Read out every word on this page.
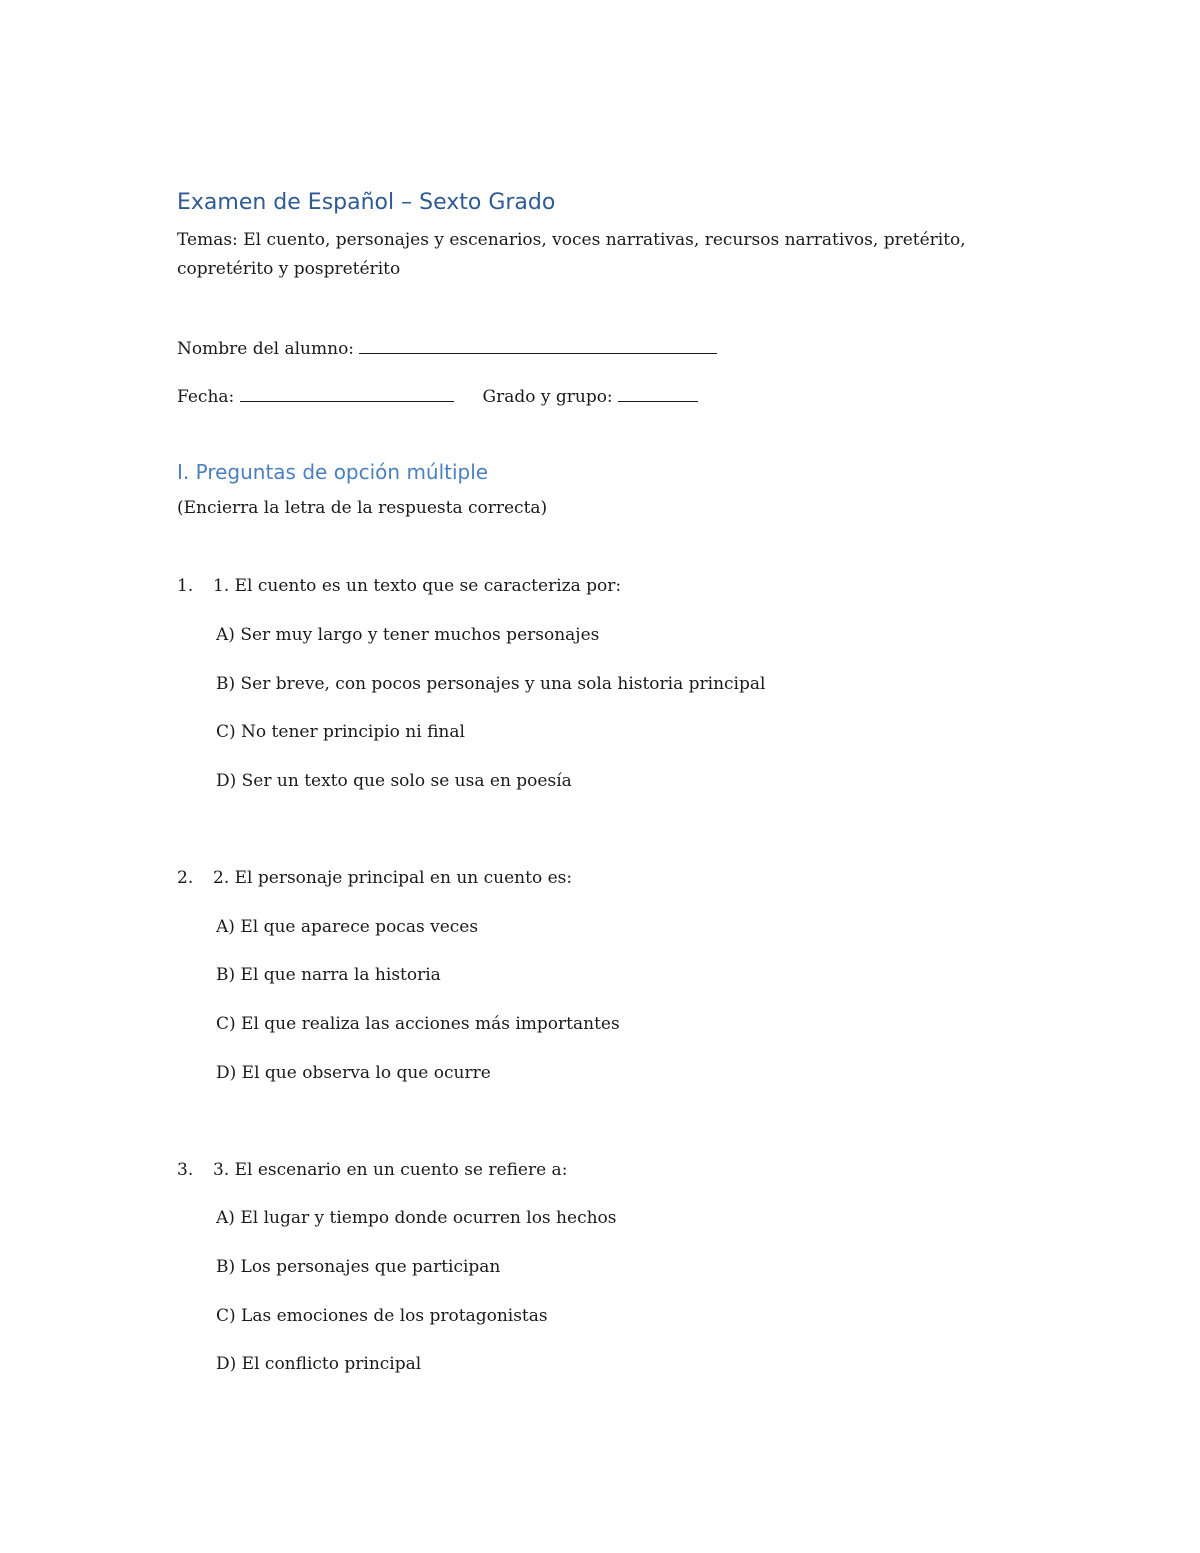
Examen de Español – Sexto Grado

Temas: El cuento, personajes y escenarios, voces narrativas, recursos narrativos, pretérito, copretérito y pospretérito

Nombre del alumno:

Fecha:	Grado y grupo:

I. Preguntas de opción múltiple

(Encierra la letra de la respuesta correcta)

1. 1. El cuento es un texto que se caracteriza por:

A) Ser muy largo y tener muchos personajes

B) Ser breve, con pocos personajes y una sola historia principal

C) No tener principio ni final

D) Ser un texto que solo se usa en poesía

2. 2. El personaje principal en un cuento es:

A) El que aparece pocas veces

B) El que narra la historia

C) El que realiza las acciones más importantes

D) El que observa lo que ocurre

3. 3. El escenario en un cuento se refiere a:

A) El lugar y tiempo donde ocurren los hechos

B) Los personajes que participan

C) Las emociones de los protagonistas

D) El conflicto principal
